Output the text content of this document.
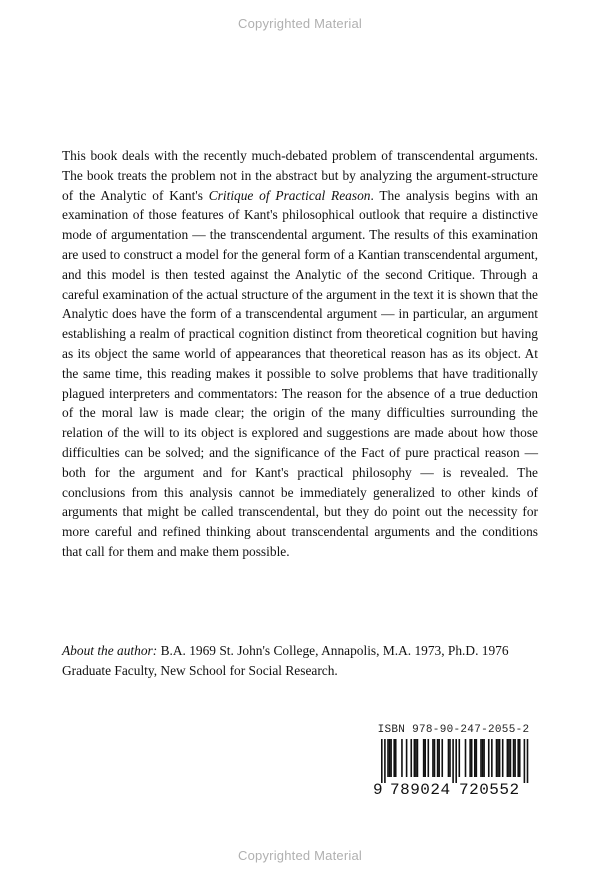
Copyrighted Material

This book deals with the recently much-debated problem of transcendental arguments. The book treats the problem not in the abstract but by analyzing the argument-structure of the Analytic of Kant's Critique of Practical Reason. The analysis begins with an examination of those features of Kant's philosophical outlook that require a distinctive mode of argumentation — the transcendental argument. The results of this examination are used to construct a model for the general form of a Kantian transcendental argument, and this model is then tested against the Analytic of the second Critique. Through a careful examination of the actual structure of the argument in the text it is shown that the Analytic does have the form of a transcendental argument — in particular, an argument establishing a realm of practical cognition distinct from theoretical cognition but having as its object the same world of appearances that theoretical reason has as its object. At the same time, this reading makes it possible to solve problems that have traditionally plagued interpreters and commentators: The reason for the absence of a true deduction of the moral law is made clear; the origin of the many difficulties surrounding the relation of the will to its object is explored and suggestions are made about how those difficulties can be solved; and the significance of the Fact of pure practical reason — both for the argument and for Kant's practical philosophy — is revealed. The conclusions from this analysis cannot be immediately generalized to other kinds of arguments that might be called transcendental, but they do point out the necessity for more careful and refined thinking about transcendental arguments and the conditions that call for them and make them possible.

About the author: B.A. 1969 St. John's College, Annapolis, M.A. 1973, Ph.D. 1976 Graduate Faculty, New School for Social Research.

ISBN 978-90-247-2055-2
9 789024 720552
Copyrighted Material
